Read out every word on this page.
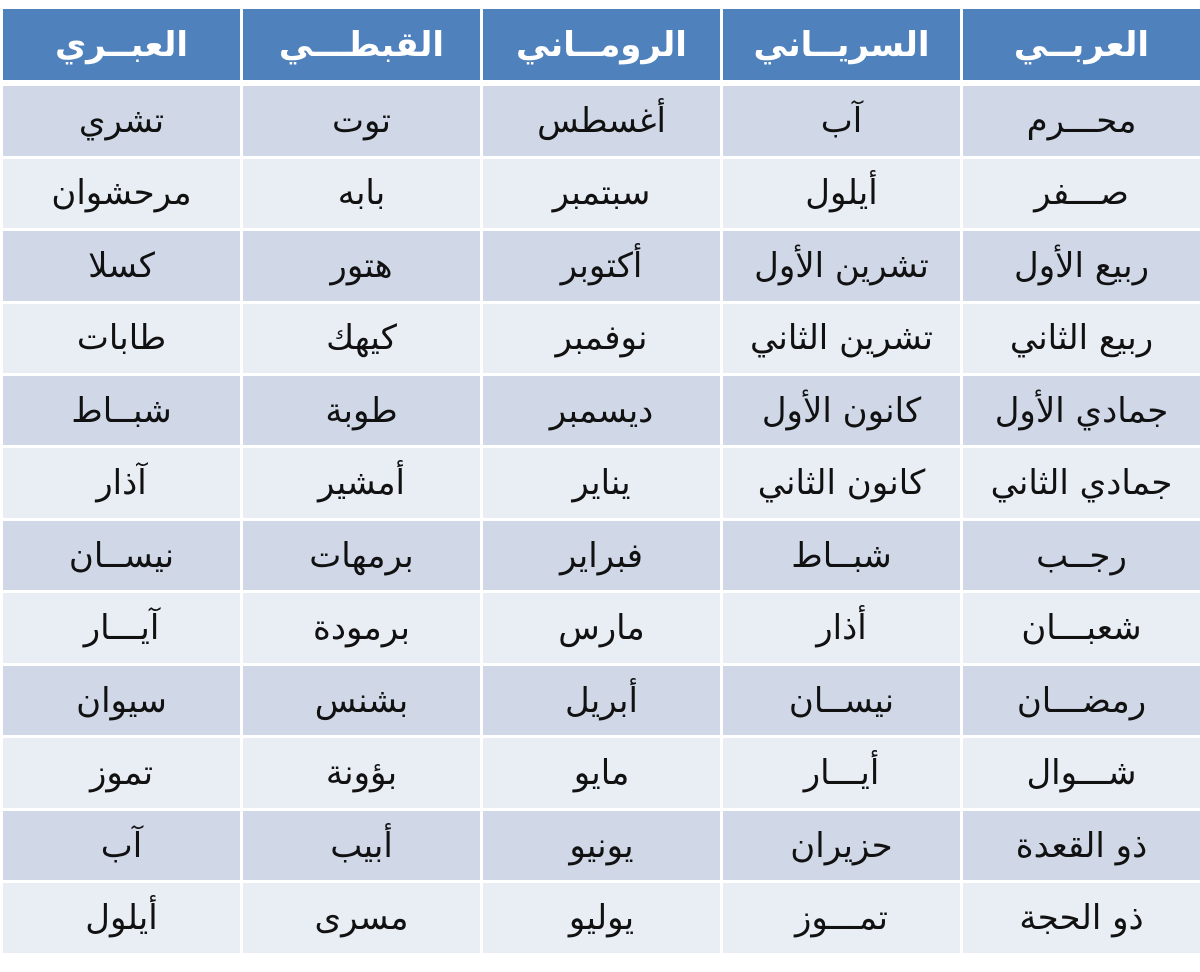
العربــي	السريــاني	الرومــاني	القبطـــي	العبــري
محـــرم	آب	أغسطس	توت	تشري
صـــفر	أيلول	سبتمبر	بابه	مرحشوان
ربيع الأول	تشرين الأول	أكتوبر	هتور	كسلا
ربيع الثاني	تشرين الثاني	نوفمبر	كيهك	طابات
جمادي الأول	كانون الأول	ديسمبر	طوبة	شبــاط
جمادي الثاني	كانون الثاني	يناير	أمشير	آذار
رجــب	شبــاط	فبراير	برمهات	نيســان
شعبـــان	أذار	مارس	برمودة	آيـــار
رمضـــان	نيســان	أبريل	بشنس	سيوان
شـــوال	أيـــار	مايو	بؤونة	تموز
ذو القعدة	حزيران	يونيو	أبيب	آب
ذو الحجة	تمـــوز	يوليو	مسرى	أيلول
